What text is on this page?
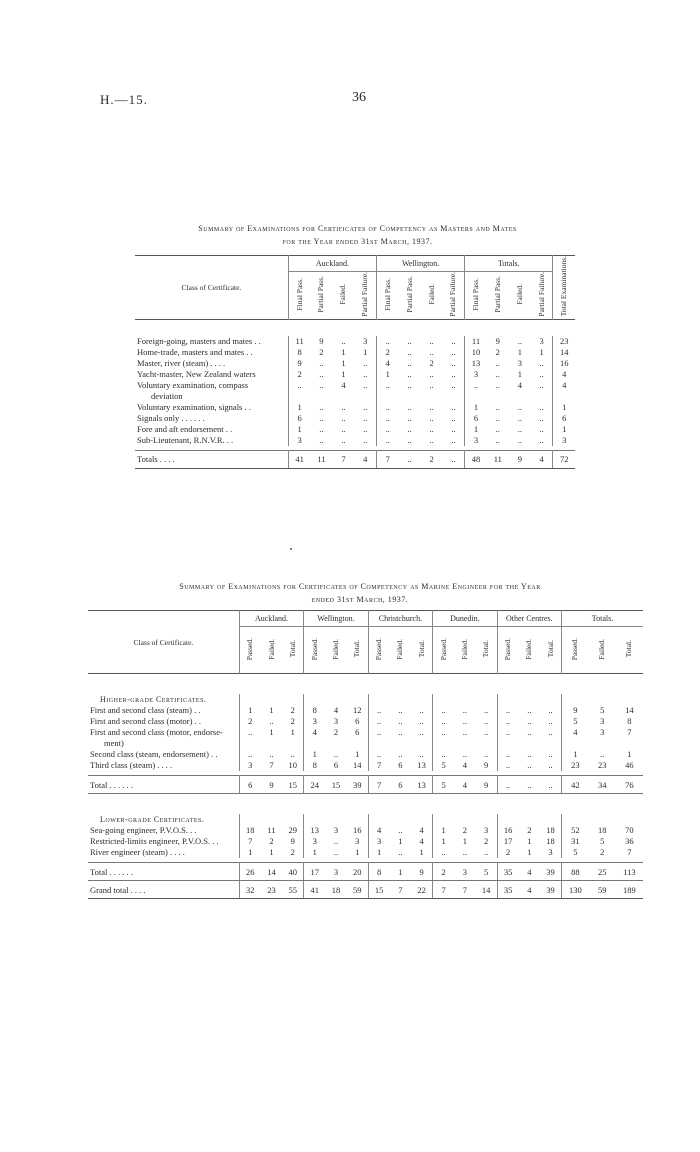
H.—15.	36
Summary of Examinations for Certificates of Competency as Masters and Mates
for the Year ended 31st March, 1937.
Class of Certificate.	Auckland.				Wellington.				Totals.				Total Examinations.
	Final Pass.	Partial Pass.	Failed.	Partial Failure.	Final Pass.	Partial Pass.	Failed.	Partial Failure.	Final Pass.	Partial Pass.	Failed.	Partial Failure.	

Foreign-going, masters and mates . .	11	9	..	3	..	..	..	..	11	9	..	3	23
Home-trade, masters and mates . .	8	2	1	1	2	..	..	..	10	2	1	1	14
Master, river (steam) . . . .	9	..	1	..	4	..	2	..	13	..	3	..	16
Yacht-master, New Zealand waters	2	..	1	..	1	..	..	..	3	..	1	..	4
Voluntary examination, compass	..	..	4	..	..	..	..	..	..	..	4	..	4
deviation													
Voluntary examination, signals . .	1	..	..	..	..	..	..	..	1	..	..	..	1
Signals only . . . . . .	6	..	..	..	..	..	..	..	6	..	..	..	6
Fore and aft endorsement . .	1	..	..	..	..	..	..	..	1	..	..	..	1
Sub-Lieutenant, R.N.V.R. . .	3	..	..	..	..	..	..	..	3	..	..	..	3

Totals . . . .	41	11	7	4	7	..	2	..	48	11	9	4	72
Summary of Examinations for Certificates of Competency as Marine Engineer for the Year
ended 31st March, 1937.
Class of Certificate.	Auckland.			Wellington.			Christchurch.			Dunedin.			Other Centres.			Totals.		
	Passed.	Failed.	Total.	Passed.	Failed.	Total.	Passed.	Failed.	Total.	Passed.	Failed.	Total.	Passed.	Failed.	Total.	Passed.	Failed.	Total.

Higher-grade Certificates.																		
First and second class (steam) . .	1	1	2	8	4	12	..	..	..	..	..	..	..	..	..	9	5	14
First and second class (motor) . .	2	..	2	3	3	6	..	..	..	..	..	..	..	..	..	5	3	8
First and second class (motor, endorse-	..	1	1	4	2	6	..	..	..	..	..	..	..	..	..	4	3	7
ment)																		
Second class (steam, endorsement) . .	..	..	..	1	..	1	..	..	..	..	..	..	..	..	..	1	..	1
Third class (steam) . . . .	3	7	10	8	6	14	7	6	13	5	4	9	..	..	..	23	23	46

Total . . . . . .	6	9	15	24	15	39	7	6	13	5	4	9	..	..	..	42	34	76

Lower-grade Certificates.																		
Sea-going engineer, P.V.O.S. . .	18	11	29	13	3	16	4	..	4	1	2	3	16	2	18	52	18	70
Restricted-limits engineer, P.V.O.S. . .	7	2	9	3	..	3	3	1	4	1	1	2	17	1	18	31	5	36
River engineer (steam) . . . .	1	1	2	1	..	1	1	..	1	..	..	..	2	1	3	5	2	7

Total . . . . . .	26	14	40	17	3	20	8	1	9	2	3	5	35	4	39	88	25	113
Grand total . . . .	32	23	55	41	18	59	15	7	22	7	7	14	35	4	39	130	59	189
